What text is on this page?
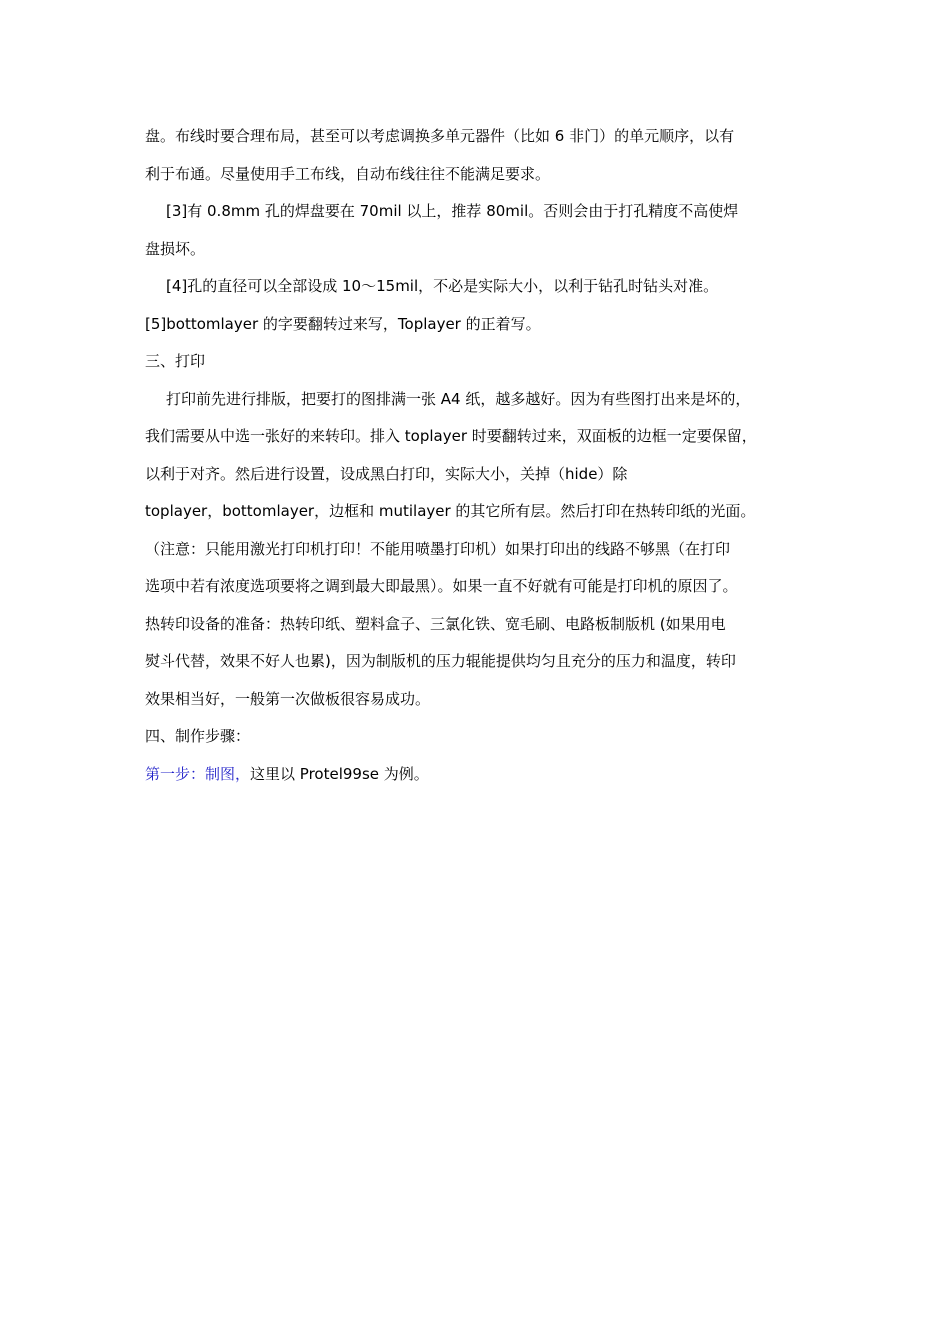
盘。布线时要合理布局，甚至可以考虑调换多单元器件（比如 6 非门）的单元顺序，以有
利于布通。尽量使用手工布线，自动布线往往不能满足要求。
[3]有 0.8mm 孔的焊盘要在 70mil 以上，推荐 80mil。否则会由于打孔精度不高使焊
盘损坏。
[4]孔的直径可以全部设成 10～15mil，不必是实际大小，以利于钻孔时钻头对准。
[5]bottomlayer 的字要翻转过来写，Toplayer 的正着写。
三、打印
打印前先进行排版，把要打的图排满一张 A4 纸，越多越好。因为有些图打出来是坏的，
我们需要从中选一张好的来转印。排入 toplayer 时要翻转过来，双面板的边框一定要保留，
以利于对齐。然后进行设置，设成黑白打印，实际大小，关掉（hide）除
toplayer，bottomlayer，边框和 mutilayer 的其它所有层。然后打印在热转印纸的光面。
（注意：只能用激光打印机打印！不能用喷墨打印机）如果打印出的线路不够黑（在打印
选项中若有浓度选项要将之调到最大即最黑）。如果一直不好就有可能是打印机的原因了。
热转印设备的准备：热转印纸、塑料盒子、三氯化铁、宽毛刷、电路板制版机 (如果用电
熨斗代替，效果不好人也累)，因为制版机的压力辊能提供均匀且充分的压力和温度，转印
效果相当好，一般第一次做板很容易成功。
四、制作步骤：
第一步：制图，这里以 Protel99se 为例。
